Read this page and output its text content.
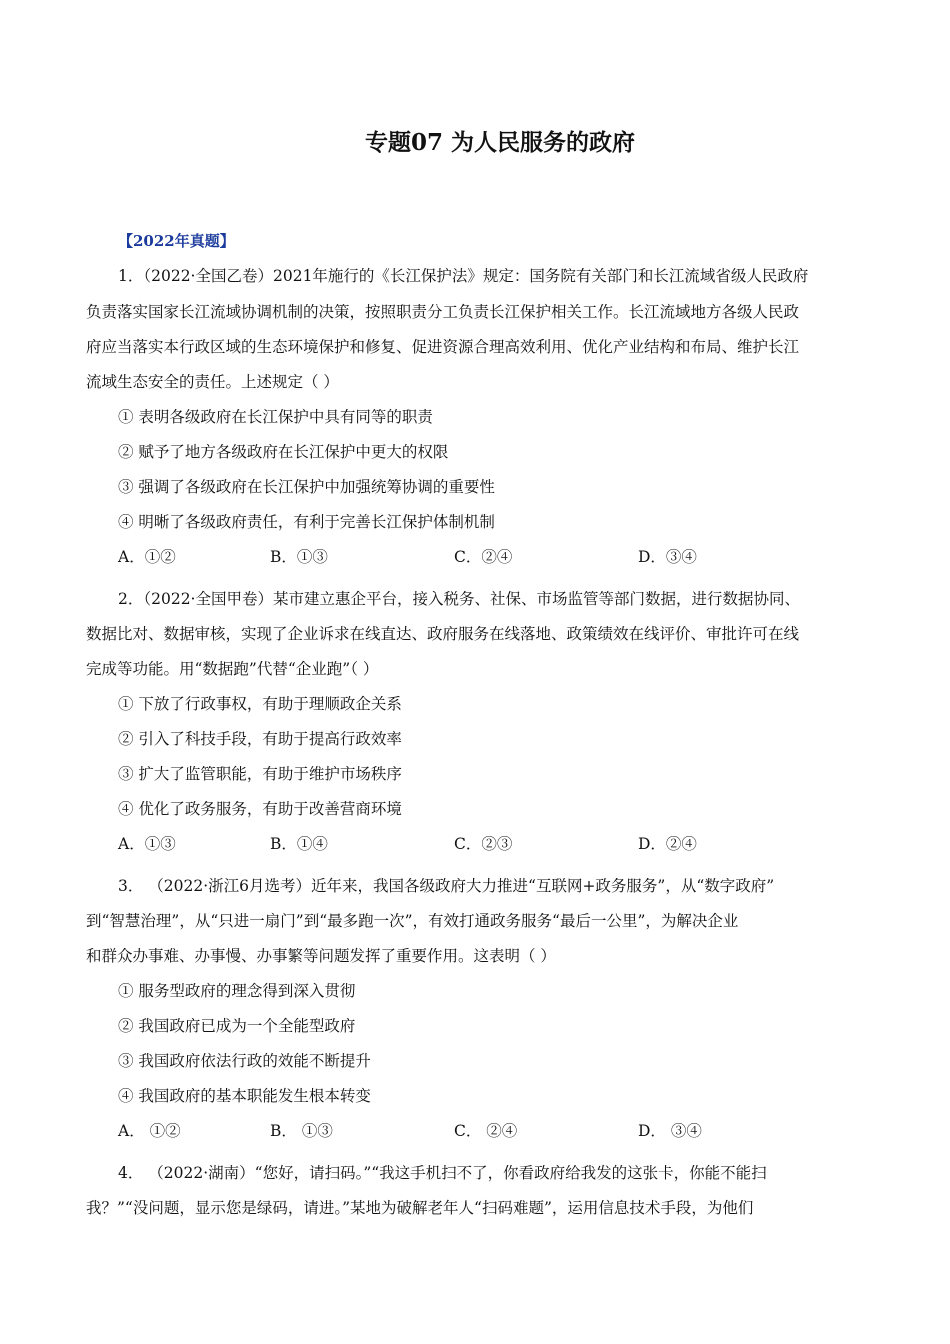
专题07 为人民服务的政府
【2022年真题】
1．（2022·全国乙卷）2021年施行的《长江保护法》规定：国务院有关部门和长江流域省级人民政府
负责落实国家长江流域协调机制的决策，按照职责分工负责长江保护相关工作。长江流域地方各级人民政
府应当落实本行政区域的生态环境保护和修复、促进资源合理高效利用、优化产业结构和布局、维护长江
流域生态安全的责任。上述规定（ ）
① 表明各级政府在长江保护中具有同等的职责
② 赋予了地方各级政府在长江保护中更大的权限
③ 强调了各级政府在长江保护中加强统筹协调的重要性
④ 明晰了各级政府责任，有利于完善长江保护体制机制
A．①②	B．①③	C．②④	D．③④
2．（2022·全国甲卷）某市建立惠企平台，接入税务、社保、市场监管等部门数据，进行数据协同、
数据比对、数据审核，实现了企业诉求在线直达、政府服务在线落地、政策绩效在线评价、审批许可在线
完成等功能。用“数据跑”代替“企业跑”（ ）
① 下放了行政事权，有助于理顺政企关系
② 引入了科技手段，有助于提高行政效率
③ 扩大了监管职能，有助于维护市场秩序
④ 优化了政务服务，有助于改善营商环境
A．①③	B．①④	C．②③	D．②④
3． （2022·浙江6月选考）近年来，我国各级政府大力推进“互联网+政务服务”，从“数字政府”
到“智慧治理”，从“只进一扇门”到“最多跑一次”，有效打通政务服务“最后一公里”，为解决企业
和群众办事难、办事慢、办事繁等问题发挥了重要作用。这表明（ ）
① 服务型政府的理念得到深入贯彻
② 我国政府已成为一个全能型政府
③ 我国政府依法行政的效能不断提升
④ 我国政府的基本职能发生根本转变
A． ①②	B． ①③	C． ②④	D． ③④
4． （2022·湖南）“您好，请扫码。”“我这手机扫不了，你看政府给我发的这张卡，你能不能扫
我？”“没问题，显示您是绿码，请进。”某地为破解老年人“扫码难题”，运用信息技术手段，为他们
